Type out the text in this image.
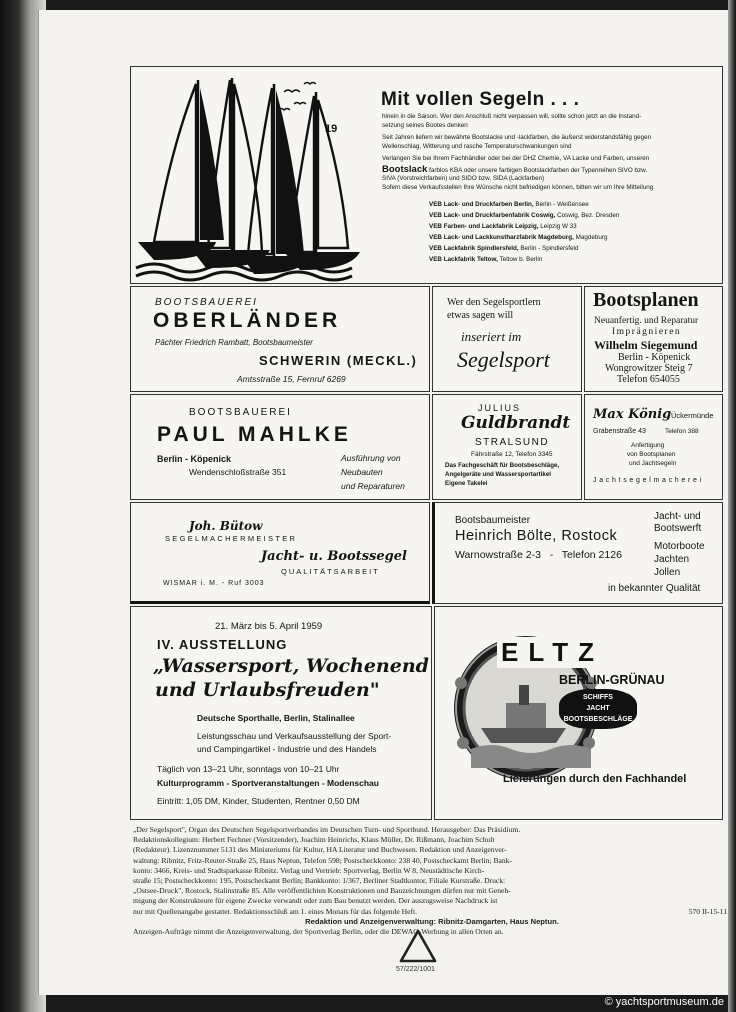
19
Mit vollen Segeln . . .
hinein in die Saison. Wer den Anschluß nicht verpassen will, sollte schon jetzt an die Instand-
setzung seines Bootes denken
Seit Jahren liefern wir bewährte Bootslacke und -lackfarben, die äußerst widerstandsfähig gegen
Wellenschlag, Witterung und rasche Temperaturschwankungen sind
Verlangen Sie bei Ihrem Fachhändler oder bei der DHZ Chemie, VA Lacke und Farben, unseren
Bootslack farblos KBA oder unsere farbigen Bootslackfarben der Typenreihen SIVO bzw.
SIVA (Vorstreichfarben) und SIDO bzw. SIDA (Lackfarben)
Sofern diese Verkaufsstellen Ihre Wünsche nicht befriedigen können, bitten wir um Ihre Mitteilung
VEB Lack- und Druckfarben Berlin, Berlin - Weißensee
VEB Lack- und Druckfarbenfabrik Coswig, Coswig, Bez. Dresden
VEB Farben- und Lackfabrik Leipzig, Leipzig W 33
VEB Lack- und Lackkunstharzfabrik Magdeburg, Magdeburg
VEB Lackfabrik Spindlersfeld, Berlin - Spindlersfeld
VEB Lackfabrik Teltow, Teltow b. Berlin
BOOTSBAUEREI
OBERLÄNDER
Pächter Friedrich Rambatt, Bootsbaumeister
SCHWERIN (MECKL.)
Amtsstraße 15, Fernruf 6269
Wer den Segelsportlern
etwas sagen will
inseriert im
Segelsport
Bootsplanen
Neuanfertig. und Reparatur
Imprägnieren
Wilhelm Siegemund
Berlin - Köpenick
Wongrowitzer Steig 7
Telefon 654055
BOOTSBAUEREI
PAUL MAHLKE
Berlin - Köpenick
Wendenschloßstraße 351
Ausführung von
Neubauten
und Reparaturen
JULIUS
Guldbrandt
STRALSUND
Fährstraße 12, Telefon 3345
Das Fachgeschäft für Bootsbeschläge,
Angelgeräte und Wassersportartikel
Eigene Takelei
Max König Ückermünde
Grabenstraße 43	Telefon 388
Anfertigung
von Bootsplanen
und Jachtsegeln
Jachtsegelmacherei
Joh. Bütow
SEGELMACHERMEISTER
Jacht- u. Bootssegel
QUALITÄTSARBEIT
WISMAR i. M. - Ruf 3003
Bootsbaumeister
Heinrich Bölte, Rostock
Warnowstraße 2-3   -   Telefon 2126
Jacht- und
Bootswerft
Motorboote
Jachten
Jollen
in bekannter Qualität
21. März bis 5. April 1959
IV. AUSSTELLUNG
„Wassersport, Wochenend
und Urlaubsfreuden"
Deutsche Sporthalle, Berlin, Stalinallee
Leistungsschau und Verkaufsausstellung der Sport-
und Campingartikel - Industrie und des Handels
Täglich von 13–21 Uhr, sonntags von 10–21 Uhr
Kulturprogramm - Sportveranstaltungen - Modenschau
Eintritt: 1,05 DM, Kinder, Studenten, Rentner 0,50 DM
ELTZ
BERLIN-GRÜNAU
SCHIFFS
JACHT
BOOTSBESCHLÄGE
Lieferungen durch den Fachhandel
„Der Segelsport", Organ des Deutschen Segelsportverbandes im Deutschen Turn- und Sportbund. Herausgeber: Das Präsidium.
Redaktionskollegium: Herbert Fechner (Vorsitzender), Joachim Heinrichs, Klaus Müller, Dr. Rißmann, Joachim Schult
(Redakteur). Lizenznummer 5131 des Ministeriums für Kultur, HA Literatur und Buchwesen. Redaktion und Anzeigenver-
waltung: Ribnitz, Fritz-Reuter-Straße 25, Haus Neptun, Telefon 598; Postscheckkonto: 238 40, Postscheckamt Berlin; Bank-
konto: 3466, Kreis- und Stadtsparkasse Ribnitz. Verlag und Vertrieb: Sportverlag, Berlin W 8, Neustädtische Kirch-
straße 15; Postscheckkonto: 195, Postscheckamt Berlin; Bankkonto: 1/367, Berliner Stadtkontor, Filiale Kurstraße. Druck:
„Ostsee-Druck", Rostock, Stalinstraße 85. Alle veröffentlichten Konstruktionen und Bauzeichnungen dürfen nur mit Geneh-
migung der Konstrukteure für eigene Zwecke verwandt oder zum Bau benutzt werden. Der auszugsweise Nachdruck ist
nur mit Quellenangabe gestattet. Redaktionsschluß am 1. eines Monats für das folgende Heft.	570 II-15-11
Redaktion und Anzeigenverwaltung: Ribnitz-Damgarten, Haus Neptun.
Anzeigen-Aufträge nimmt die Anzeigenverwaltung, der Sportverlag Berlin, oder die DEWAG-Werbung in allen Orten an.
57/222/1001
© yachtsportmuseum.de
